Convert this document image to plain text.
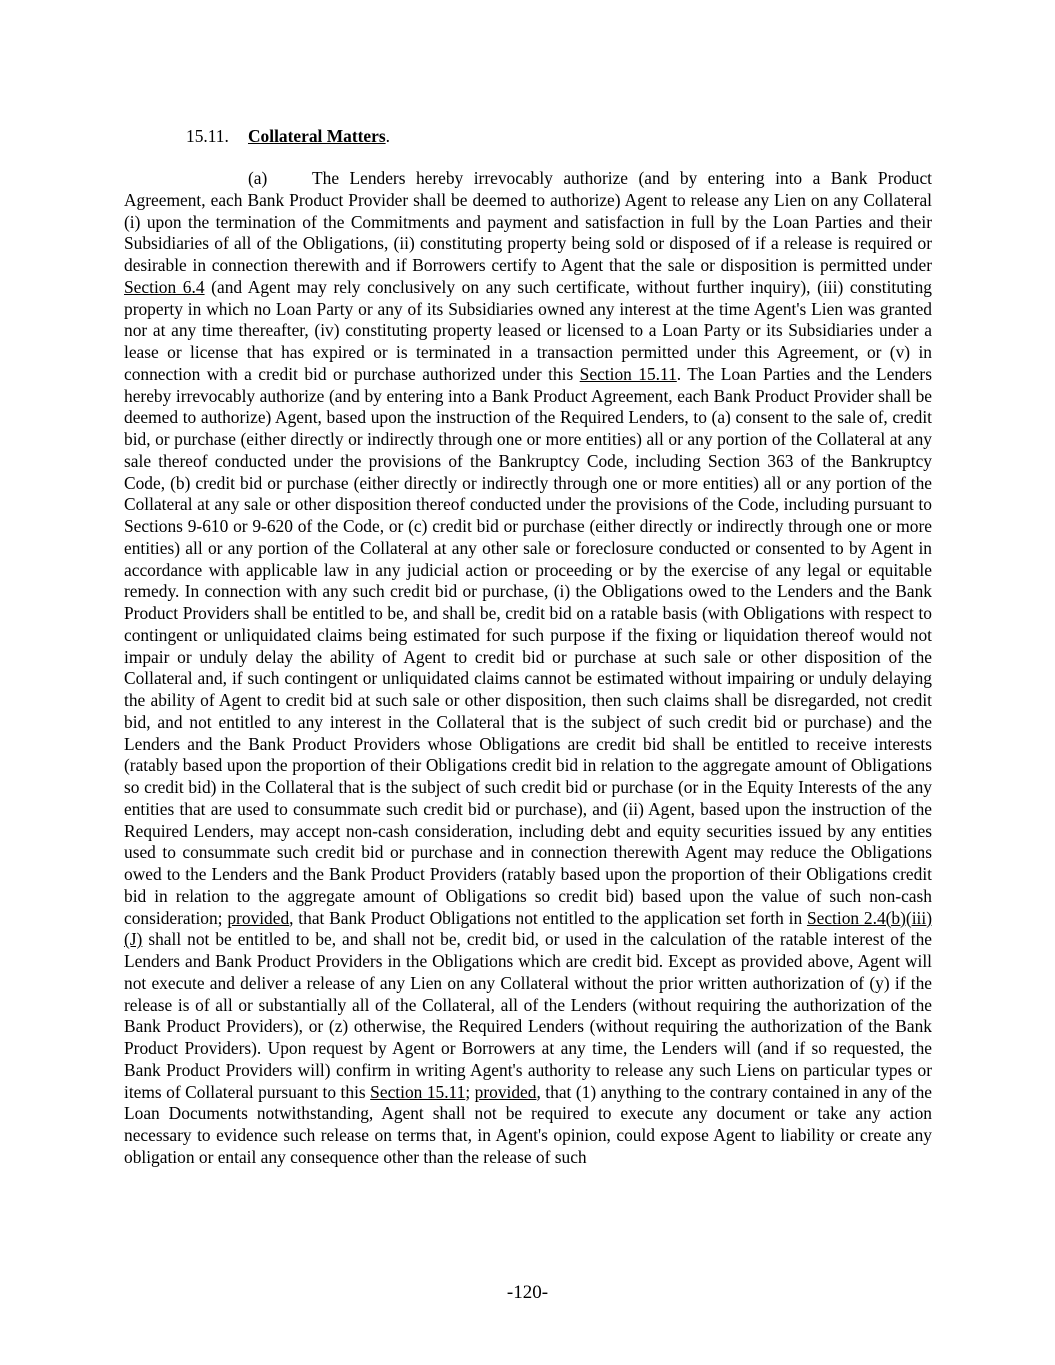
15.11. Collateral Matters.
(a)	The Lenders hereby irrevocably authorize (and by entering into a Bank Product Agreement, each Bank Product Provider shall be deemed to authorize) Agent to release any Lien on any Collateral (i) upon the termination of the Commitments and payment and satisfaction in full by the Loan Parties and their Subsidiaries of all of the Obligations, (ii) constituting property being sold or disposed of if a release is required or desirable in connection therewith and if Borrowers certify to Agent that the sale or disposition is permitted under Section 6.4 (and Agent may rely conclusively on any such certificate, without further inquiry), (iii) constituting property in which no Loan Party or any of its Subsidiaries owned any interest at the time Agent's Lien was granted nor at any time thereafter, (iv) constituting property leased or licensed to a Loan Party or its Subsidiaries under a lease or license that has expired or is terminated in a transaction permitted under this Agreement, or (v) in connection with a credit bid or purchase authorized under this Section 15.11. The Loan Parties and the Lenders hereby irrevocably authorize (and by entering into a Bank Product Agreement, each Bank Product Provider shall be deemed to authorize) Agent, based upon the instruction of the Required Lenders, to (a) consent to the sale of, credit bid, or purchase (either directly or indirectly through one or more entities) all or any portion of the Collateral at any sale thereof conducted under the provisions of the Bankruptcy Code, including Section 363 of the Bankruptcy Code, (b) credit bid or purchase (either directly or indirectly through one or more entities) all or any portion of the Collateral at any sale or other disposition thereof conducted under the provisions of the Code, including pursuant to Sections 9-610 or 9-620 of the Code, or (c) credit bid or purchase (either directly or indirectly through one or more entities) all or any portion of the Collateral at any other sale or foreclosure conducted or consented to by Agent in accordance with applicable law in any judicial action or proceeding or by the exercise of any legal or equitable remedy. In connection with any such credit bid or purchase, (i) the Obligations owed to the Lenders and the Bank Product Providers shall be entitled to be, and shall be, credit bid on a ratable basis (with Obligations with respect to contingent or unliquidated claims being estimated for such purpose if the fixing or liquidation thereof would not impair or unduly delay the ability of Agent to credit bid or purchase at such sale or other disposition of the Collateral and, if such contingent or unliquidated claims cannot be estimated without impairing or unduly delaying the ability of Agent to credit bid at such sale or other disposition, then such claims shall be disregarded, not credit bid, and not entitled to any interest in the Collateral that is the subject of such credit bid or purchase) and the Lenders and the Bank Product Providers whose Obligations are credit bid shall be entitled to receive interests (ratably based upon the proportion of their Obligations credit bid in relation to the aggregate amount of Obligations so credit bid) in the Collateral that is the subject of such credit bid or purchase (or in the Equity Interests of the any entities that are used to consummate such credit bid or purchase), and (ii) Agent, based upon the instruction of the Required Lenders, may accept non-cash consideration, including debt and equity securities issued by any entities used to consummate such credit bid or purchase and in connection therewith Agent may reduce the Obligations owed to the Lenders and the Bank Product Providers (ratably based upon the proportion of their Obligations credit bid in relation to the aggregate amount of Obligations so credit bid) based upon the value of such non-cash consideration; provided, that Bank Product Obligations not entitled to the application set forth in Section 2.4(b)(iii)(J) shall not be entitled to be, and shall not be, credit bid, or used in the calculation of the ratable interest of the Lenders and Bank Product Providers in the Obligations which are credit bid. Except as provided above, Agent will not execute and deliver a release of any Lien on any Collateral without the prior written authorization of (y) if the release is of all or substantially all of the Collateral, all of the Lenders (without requiring the authorization of the Bank Product Providers), or (z) otherwise, the Required Lenders (without requiring the authorization of the Bank Product Providers). Upon request by Agent or Borrowers at any time, the Lenders will (and if so requested, the Bank Product Providers will) confirm in writing Agent's authority to release any such Liens on particular types or items of Collateral pursuant to this Section 15.11; provided, that (1) anything to the contrary contained in any of the Loan Documents notwithstanding, Agent shall not be required to execute any document or take any action necessary to evidence such release on terms that, in Agent's opinion, could expose Agent to liability or create any obligation or entail any consequence other than the release of such
-120-
